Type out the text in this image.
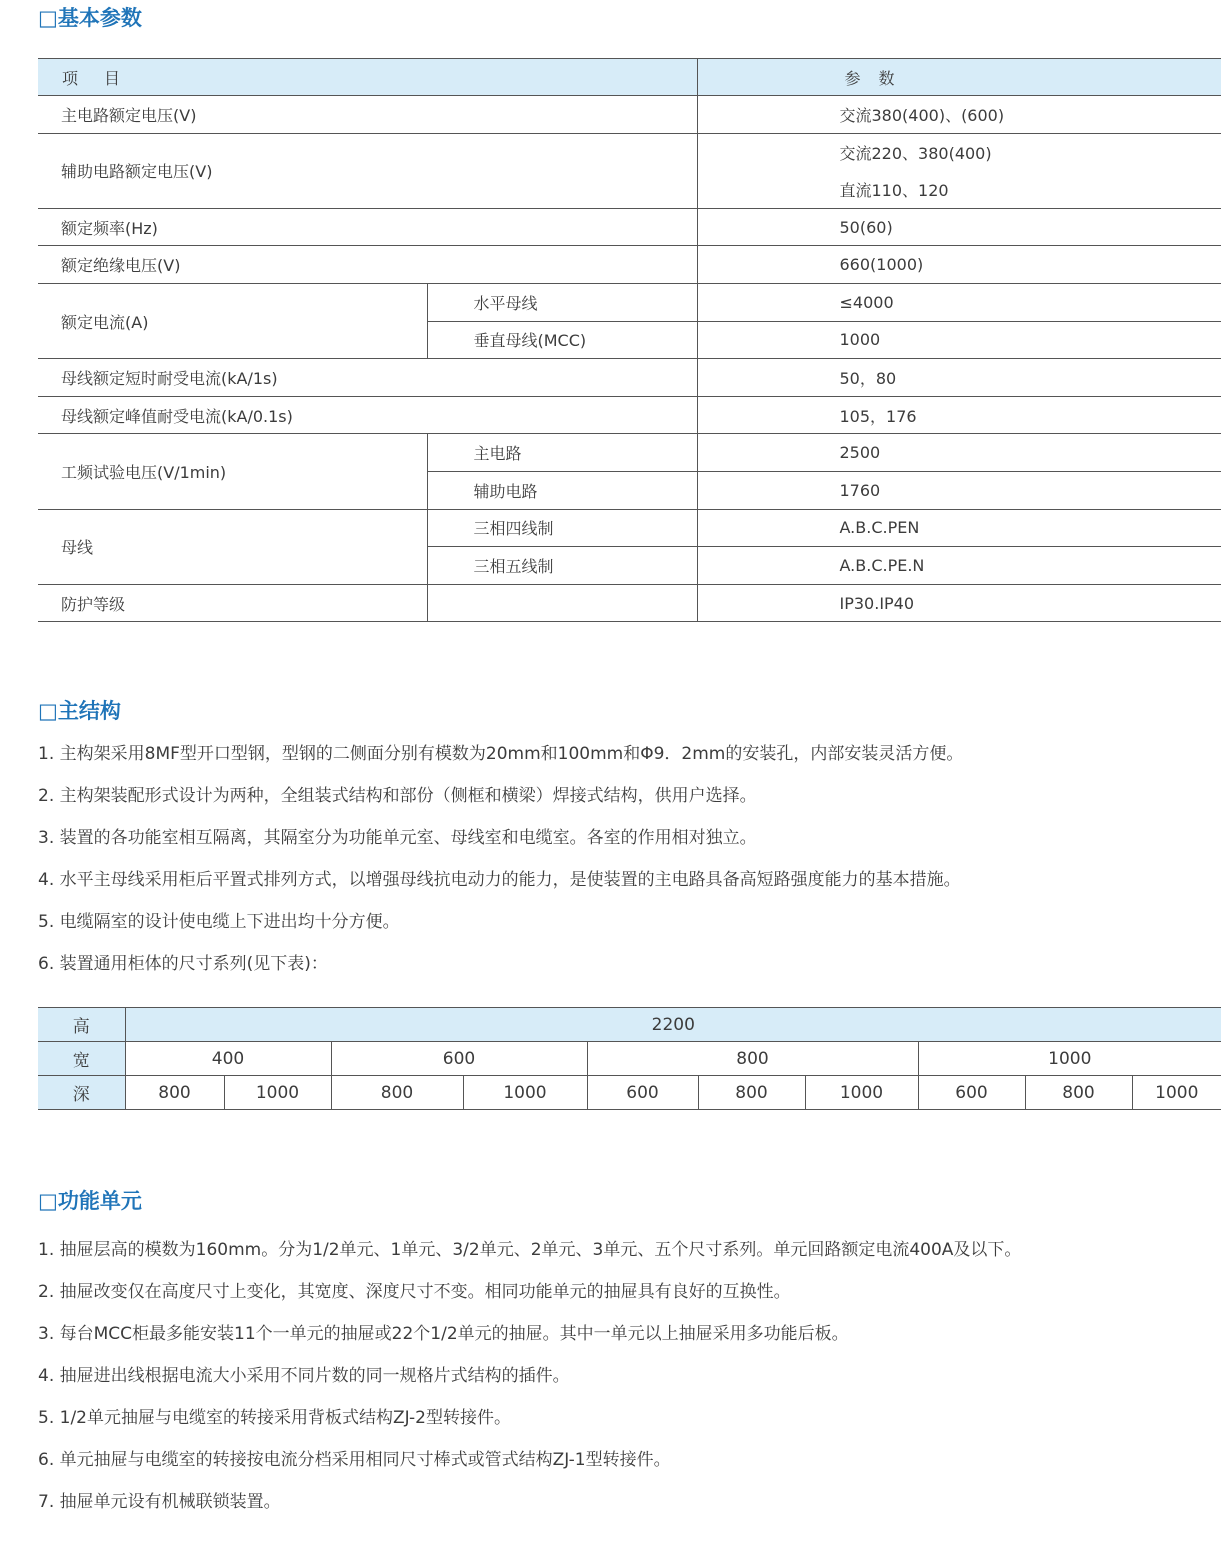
□基本参数
项 目		参 数
主电路额定电压(V)		交流380(400)、(600)
辅助电路额定电压(V)		交流220、380(400)
		直流110、120
额定频率(Hz)		50(60)
额定绝缘电压(V)		660(1000)
额定电流(A)	水平母线	≤4000
	垂直母线(MCC)	1000
母线额定短时耐受电流(kA/1s)		50，80
母线额定峰值耐受电流(kA/0.1s)		105，176
工频试验电压(V/1min)	主电路	2500
	辅助电路	1760
母线	三相四线制	A.B.C.PEN
	三相五线制	A.B.C.PE.N
防护等级		IP30.IP40
□主结构
1. 主构架采用8MF型开口型钢，型钢的二侧面分别有模数为20mm和100mm和Φ9．2mm的安装孔，内部安装灵活方便。
2. 主构架装配形式设计为两种，全组装式结构和部份（侧框和横梁）焊接式结构，供用户选择。
3. 装置的各功能室相互隔离，其隔室分为功能单元室、母线室和电缆室。各室的作用相对独立。
4. 水平主母线采用柜后平置式排列方式，以增强母线抗电动力的能力，是使装置的主电路具备高短路强度能力的基本措施。
5. 电缆隔室的设计使电缆上下进出均十分方便。
6. 装置通用柜体的尺寸系列(见下表)：
高	2200									
宽	400		600		800			1000		
深	800	1000	800	1000	600	800	1000	600	800	1000
□功能单元
1. 抽屉层高的模数为160mm。分为1/2单元、1单元、3/2单元、2单元、3单元、五个尺寸系列。单元回路额定电流400A及以下。
2. 抽屉改变仅在高度尺寸上变化，其宽度、深度尺寸不变。相同功能单元的抽屉具有良好的互换性。
3. 每台MCC柜最多能安装11个一单元的抽屉或22个1/2单元的抽屉。其中一单元以上抽屉采用多功能后板。
4. 抽屉进出线根据电流大小采用不同片数的同一规格片式结构的插件。
5. 1/2单元抽屉与电缆室的转接采用背板式结构ZJ-2型转接件。
6. 单元抽屉与电缆室的转接按电流分档采用相同尺寸棒式或管式结构ZJ-1型转接件。
7. 抽屉单元设有机械联锁装置。
